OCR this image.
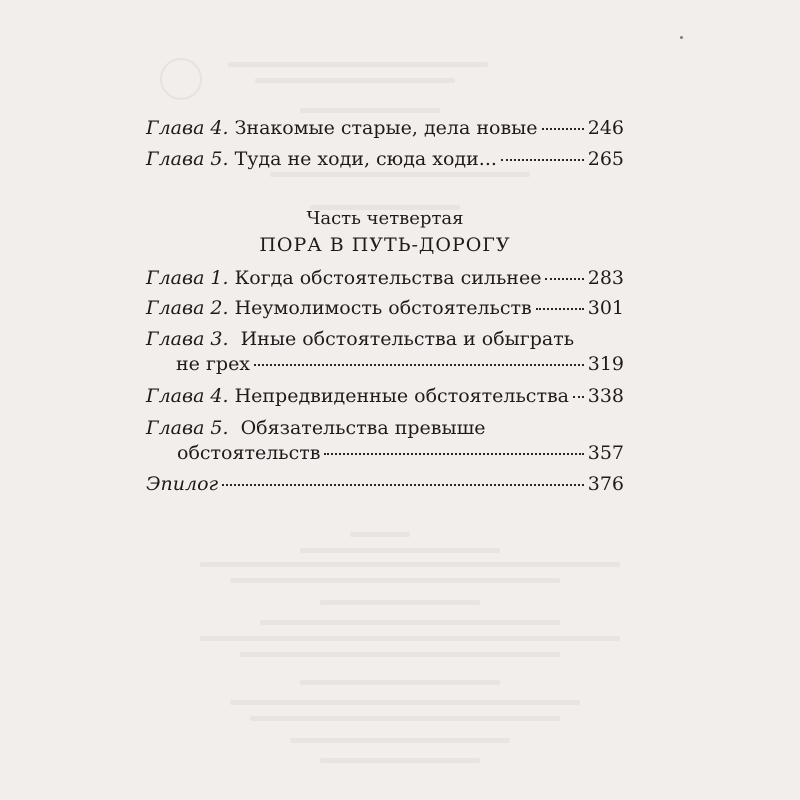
Глава 4. Знакомые старые, дела новые	246
Глава 5. Туда не ходи, сюда ходи...	265
Часть четвертая
ПОРА В ПУТЬ-ДОРОГУ
Глава 1. Когда обстоятельства сильнее 283
Глава 2. Неумолимость обстоятельств	301
Глава 3. Иные обстоятельства и обыграть
не грех	319
Глава 4. Непредвиденные обстоятельства 338
Глава 5. Обязательства превыше
обстоятельств	357
Эпилог	376
